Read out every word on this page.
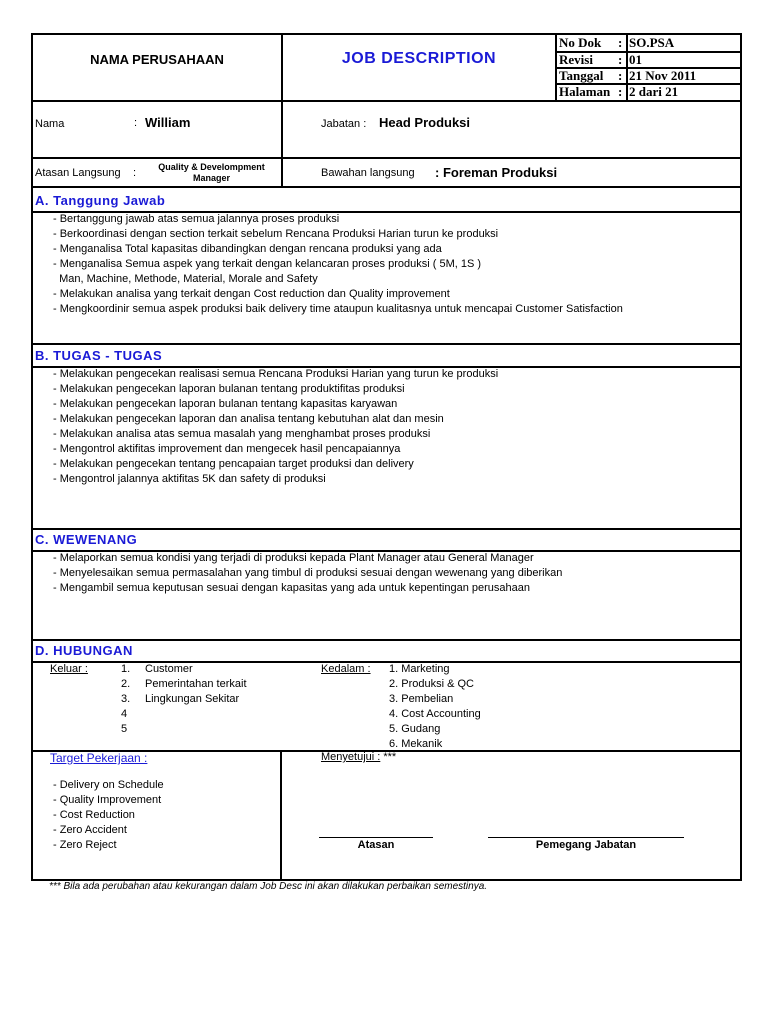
NAMA PERUSAHAAN	JOB DESCRIPTION
No Dok : SO.PSA
Revisi : 01
Tanggal : 21 Nov 2011
Halaman : 2 dari 21
Nama	: William	Jabatan : Head Produksi
Atasan Langsung :	Quality & Develompment Manager	Bawahan langsung : Foreman Produksi
A. Tanggung Jawab
- Bertanggung jawab atas semua jalannya proses produksi
- Berkoordinasi dengan section terkait sebelum Rencana Produksi Harian turun ke produksi
- Menganalisa Total kapasitas dibandingkan dengan rencana produksi yang ada
- Menganalisa Semua aspek yang terkait dengan kelancaran proses produksi ( 5M, 1S )
Man, Machine, Methode, Material, Morale and Safety
- Melakukan analisa yang terkait dengan Cost reduction dan Quality improvement
- Mengkoordinir semua aspek produksi baik delivery time ataupun kualitasnya untuk mencapai Customer Satisfaction
B. TUGAS - TUGAS
- Melakukan pengecekan realisasi semua Rencana Produksi Harian yang turun ke produksi
- Melakukan pengecekan laporan bulanan tentang produktifitas produksi
- Melakukan pengecekan laporan bulanan tentang kapasitas karyawan
- Melakukan pengecekan laporan dan analisa tentang kebutuhan alat dan mesin
- Melakukan analisa atas semua masalah yang menghambat proses produksi
- Mengontrol aktifitas improvement dan mengecek hasil pencapaiannya
- Melakukan pengecekan tentang pencapaian target produksi dan delivery
- Mengontrol jalannya aktifitas 5K dan safety di produksi
C. WEWENANG
- Melaporkan semua kondisi yang terjadi di produksi kepada Plant Manager atau General Manager
- Menyelesaikan semua permasalahan yang timbul di produksi sesuai dengan wewenang yang diberikan
- Mengambil semua keputusan sesuai dengan kapasitas yang ada untuk kepentingan perusahaan
D. HUBUNGAN
Keluar :	1. Customer
2. Pemerintahan terkait
3. Lingkungan Sekitar
4
5
Kedalam : 1. Marketing
2. Produksi & QC
3. Pembelian
4. Cost Accounting
5. Gudang
6. Mekanik
Target Pekerjaan :
- Delivery on Schedule
- Quality Improvement
- Cost Reduction
- Zero Accident
- Zero Reject
Menyetujui : ***
Atasan	Pemegang Jabatan
*** Bila ada perubahan atau kekurangan dalam Job Desc ini akan dilakukan perbaikan semestinya.
